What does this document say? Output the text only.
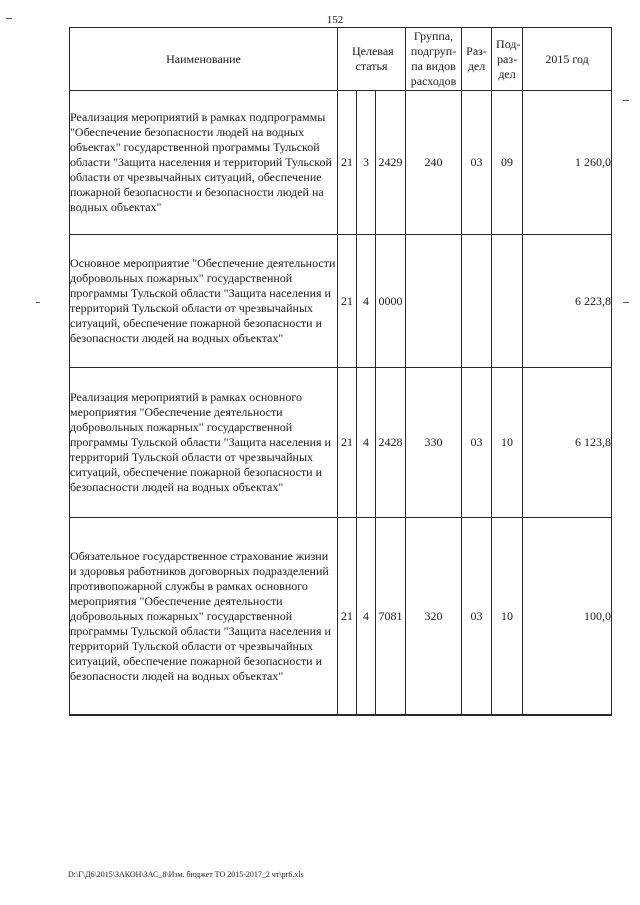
152
Наименование	Целевая статья			Группа, подгруп-па видов расходов	Раз-дел	Под-раз-дел	2015 год
Реализация мероприятий в рамках подпрограммы "Обеспечение безопасности людей на водных объектах" государственной программы Тульской области "Защита населения и территорий Тульской области от чрезвычайных ситуаций, обеспечение пожарной безопасности и безопасности людей на водных объектах"	21	3	2429	240	03	09	1 260,0
Основное мероприятие "Обеспечение деятельности добровольных пожарных" государственной программы Тульской области "Защита населения и территорий Тульской области от чрезвычайных ситуаций, обеспечение пожарной безопасности и безопасности людей на водных объектах"	21	4	0000				6 223,8
Реализация мероприятий в рамках основного мероприятия "Обеспечение деятельности добровольных пожарных" государственной программы Тульской области "Защита населения и территорий Тульской области от чрезвычайных ситуаций, обеспечение пожарной безопасности и безопасности людей на водных объектах"	21	4	2428	330	03	10	6 123,8
Обязательное государственное страхование жизни и здоровья работников договорных подразделений противопожарной службы в рамках основного мероприятия "Обеспечение деятельности добровольных пожарных" государственной программы Тульской области "Защита населения и территорий Тульской области от чрезвычайных ситуаций, обеспечение пожарной безопасности и безопасности людей на водных объектах"	21	4	7081	320	03	10	100,0

D:\Г\Д6\2015\ЗАКОН\ЗАС_8\Изм. бюджет ТО 2015-2017_2 чт\pr6.xls
